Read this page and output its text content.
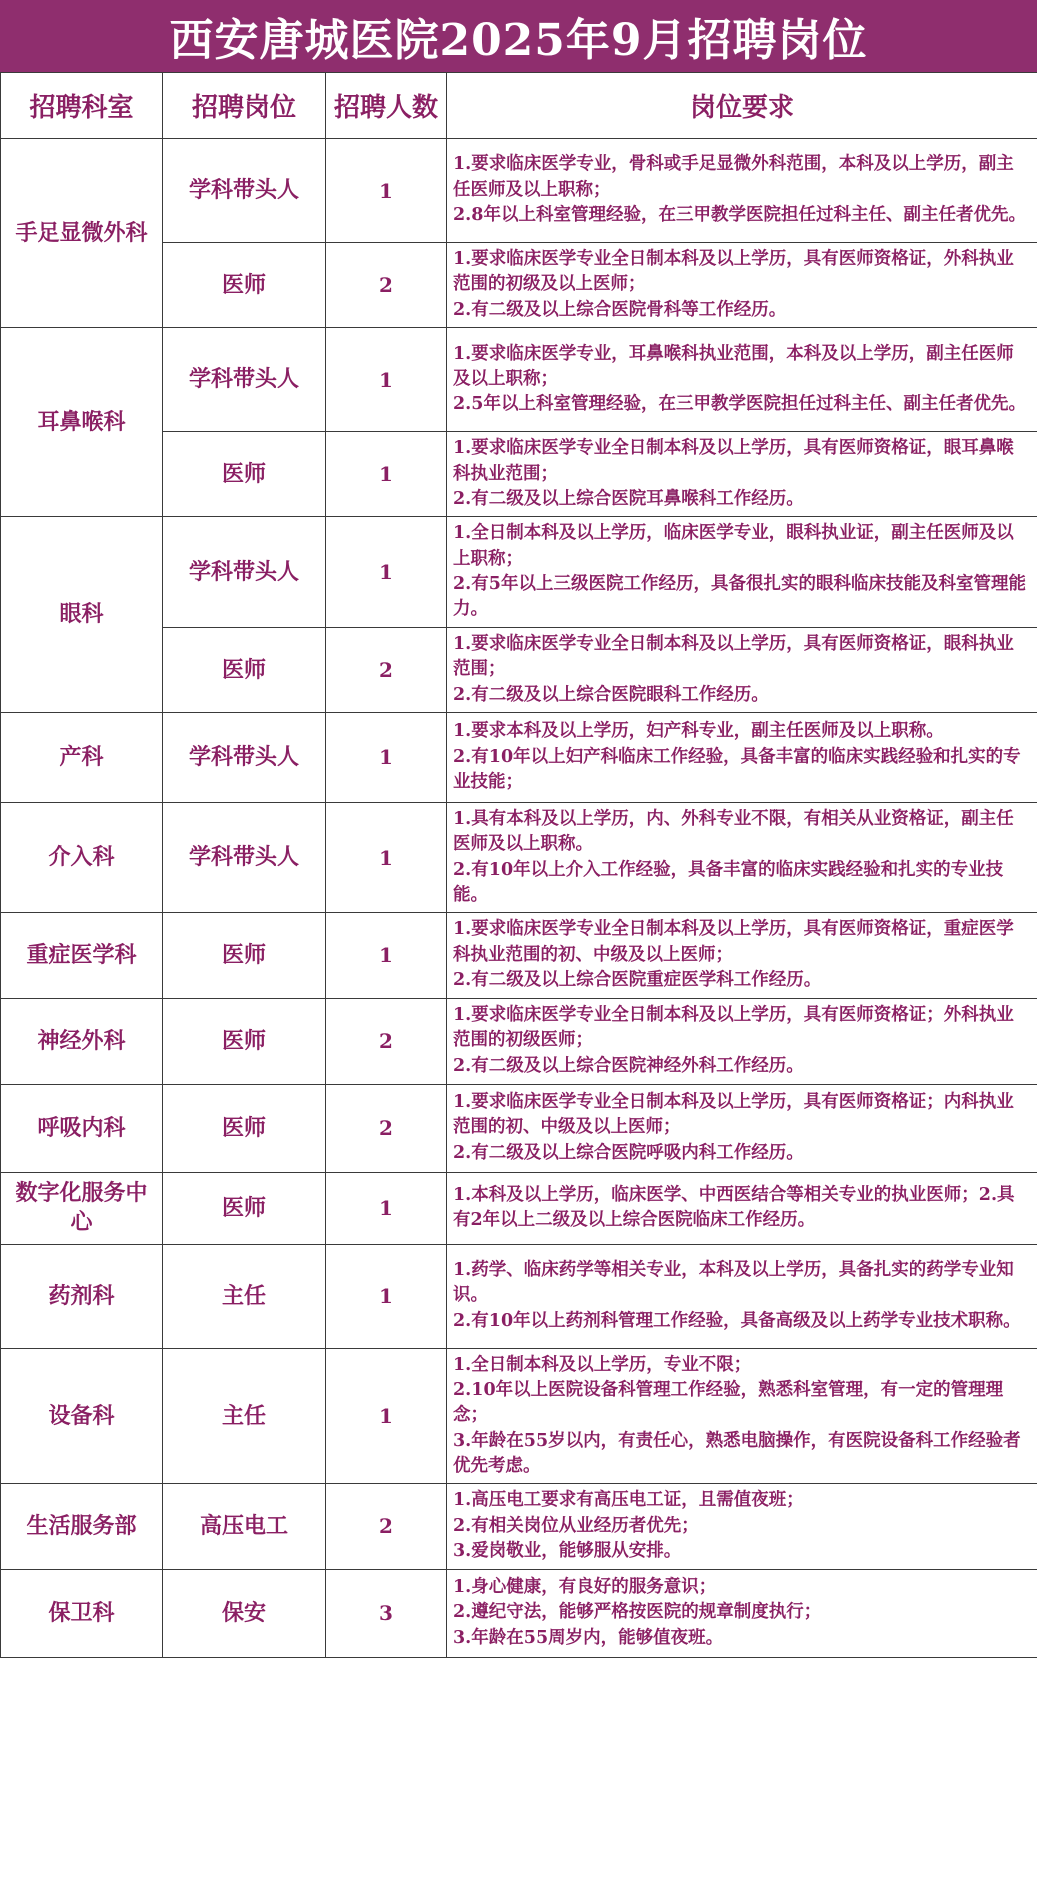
西安唐城医院2025年9月招聘岗位
招聘科室	招聘岗位	招聘人数	岗位要求
手足显微外科	学科带头人	1	1.要求临床医学专业，骨科或手足显微外科范围，本科及以上学历，副主任医师及以上职称；
2.8年以上科室管理经验，在三甲教学医院担任过科主任、副主任者优先。

	医师	2	1.要求临床医学专业全日制本科及以上学历，具有医师资格证，外科执业范围的初级及以上医师；
2.有二级及以上综合医院骨科等工作经历。

耳鼻喉科	学科带头人	1	1.要求临床医学专业，耳鼻喉科执业范围，本科及以上学历，副主任医师及以上职称；
2.5年以上科室管理经验，在三甲教学医院担任过科主任、副主任者优先。

	医师	1	1.要求临床医学专业全日制本科及以上学历，具有医师资格证，眼耳鼻喉科执业范围；
2.有二级及以上综合医院耳鼻喉科工作经历。

眼科	学科带头人	1	1.全日制本科及以上学历，临床医学专业，眼科执业证，副主任医师及以上职称；
2.有5年以上三级医院工作经历，具备很扎实的眼科临床技能及科室管理能力。

	医师	2	1.要求临床医学专业全日制本科及以上学历，具有医师资格证，眼科执业范围；
2.有二级及以上综合医院眼科工作经历。

产科	学科带头人	1	1.要求本科及以上学历，妇产科专业，副主任医师及以上职称。
2.有10年以上妇产科临床工作经验，具备丰富的临床实践经验和扎实的专业技能；

介入科	学科带头人	1	1.具有本科及以上学历，内、外科专业不限，有相关从业资格证，副主任医师及以上职称。
2.有10年以上介入工作经验，具备丰富的临床实践经验和扎实的专业技能。

重症医学科	医师	1	1.要求临床医学专业全日制本科及以上学历，具有医师资格证，重症医学科执业范围的初、中级及以上医师；
2.有二级及以上综合医院重症医学科工作经历。

神经外科	医师	2	1.要求临床医学专业全日制本科及以上学历，具有医师资格证；外科执业范围的初级医师；
2.有二级及以上综合医院神经外科工作经历。

呼吸内科	医师	2	1.要求临床医学专业全日制本科及以上学历，具有医师资格证；内科执业范围的初、中级及以上医师；
2.有二级及以上综合医院呼吸内科工作经历。

数字化服务中心	医师	1	1.本科及以上学历，临床医学、中西医结合等相关专业的执业医师；2.具有2年以上二级及以上综合医院临床工作经历。

药剂科	主任	1	1.药学、临床药学等相关专业，本科及以上学历，具备扎实的药学专业知识。
2.有10年以上药剂科管理工作经验，具备高级及以上药学专业技术职称。

设备科	主任	1	1.全日制本科及以上学历，专业不限；
2.10年以上医院设备科管理工作经验，熟悉科室管理，有一定的管理理念；
3.年龄在55岁以内，有责任心，熟悉电脑操作，有医院设备科工作经验者优先考虑。

生活服务部	高压电工	2	1.高压电工要求有高压电工证，且需值夜班；
2.有相关岗位从业经历者优先；
3.爱岗敬业，能够服从安排。

保卫科	保安	3	1.身心健康，有良好的服务意识；
2.遵纪守法，能够严格按医院的规章制度执行；
3.年龄在55周岁内，能够值夜班。
